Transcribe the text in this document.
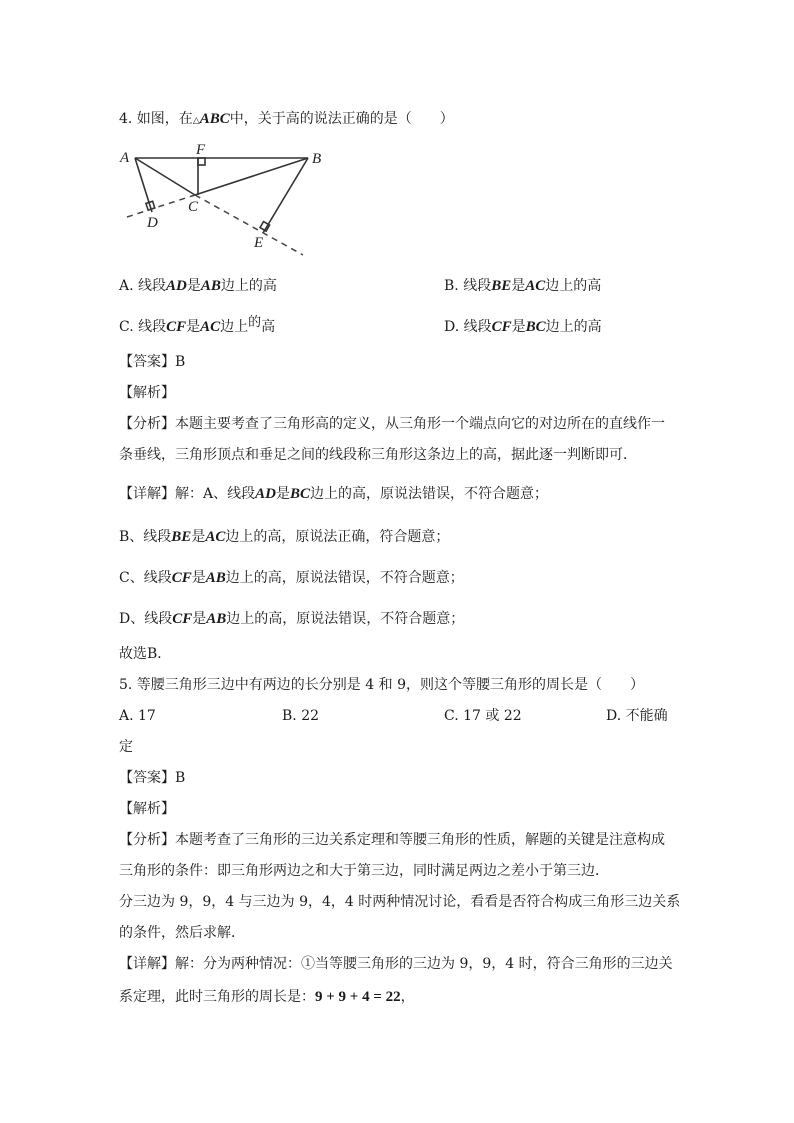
4. 如图，在△ABC中，关于高的说法正确的是（　　）
A	B
C
D
E
F
A. 线段AD是AB边上的高	B. 线段BE是AC边上的高
C. 线段CF是AC边上的高	D. 线段CF是BC边上的高
【答案】B
【解析】
【分析】本题主要考查了三角形高的定义，从三角形一个端点向它的对边所在的直线作一
条垂线，三角形顶点和垂足之间的线段称三角形这条边上的高，据此逐一判断即可．
【详解】解：A、线段AD是BC边上的高，原说法错误，不符合题意；
B、线段BE是AC边上的高，原说法正确，符合题意；
C、线段CF是AB边上的高，原说法错误，不符合题意；
D、线段CF是AB边上的高，原说法错误，不符合题意；
故选B．
5. 等腰三角形三边中有两边的长分别是 4 和 9，则这个等腰三角形的周长是（　　）
A. 17	B. 22	C. 17 或 22	D. 不能确
定
【答案】B
【解析】
【分析】本题考查了三角形的三边关系定理和等腰三角形的性质，解题的关键是注意构成
三角形的条件：即三角形两边之和大于第三边，同时满足两边之差小于第三边．
分三边为 9，9，4 与三边为 9，4，4 时两种情况讨论，看看是否符合构成三角形三边关系
的条件，然后求解．
【详解】解：分为两种情况：①当等腰三角形的三边为 9，9，4 时，符合三角形的三边关
系定理，此时三角形的周长是：9 + 9 + 4 = 22，
